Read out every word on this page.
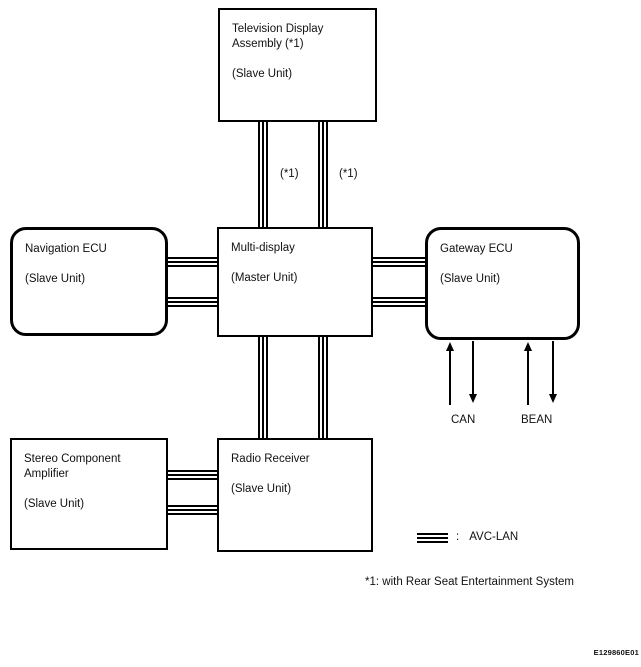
Television Display
Assembly (*1)
(Slave Unit)
Navigation ECU
(Slave Unit)
Multi-display
(Master Unit)
Gateway ECU
(Slave Unit)
Stereo Component
Amplifier
(Slave Unit)
Radio Receiver
(Slave Unit)
(*1)	(*1)
CAN	BEAN
: AVC-LAN
*1: with Rear Seat Entertainment System
E129860E01
